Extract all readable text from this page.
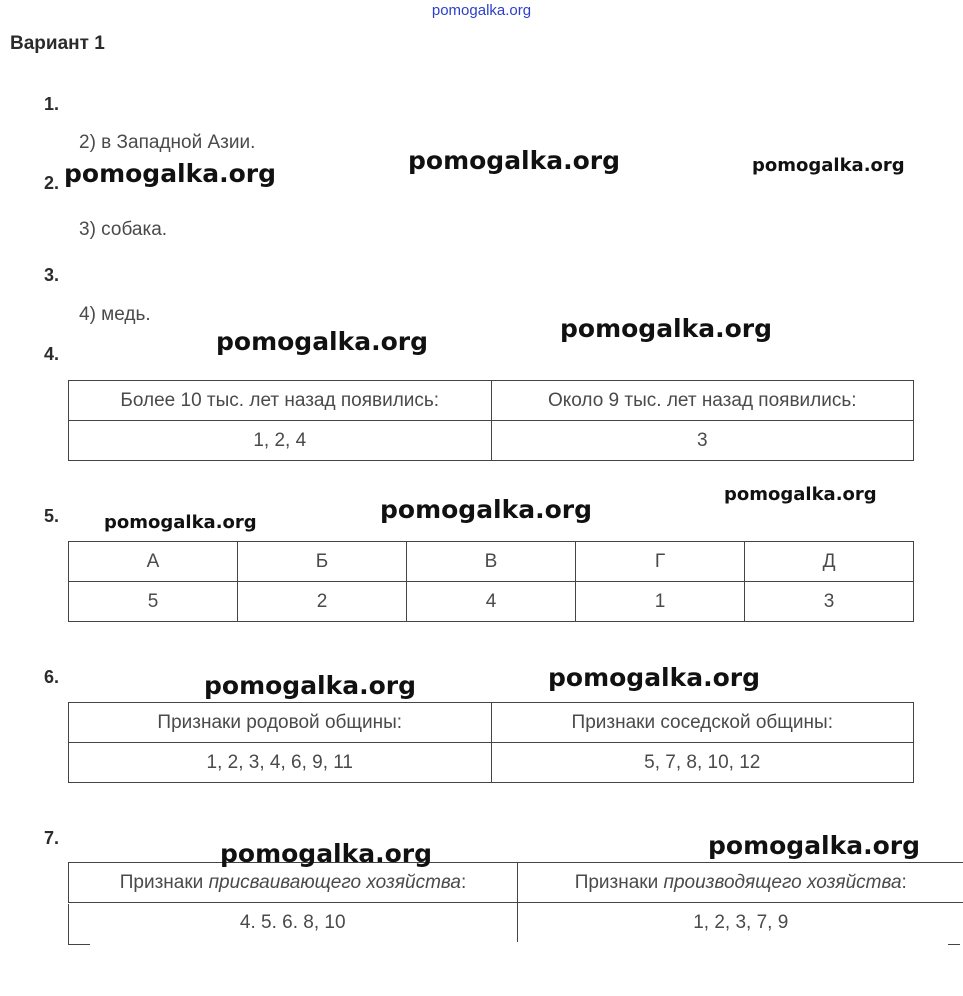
pomogalka.org
Вариант 1
1.
2) в Западной Азии.
2.
3) собака.
3.
4) медь.
4.
Более 10 тыс. лет назад появились:	Около 9 тыс. лет назад появились:
1, 2, 4	3
5.
А	Б	В	Г	Д
5	2	4	1	3
6.
Признаки родовой общины:	Признаки соседской общины:
1, 2, 3, 4, 6, 9, 11	5, 7, 8, 10, 12
7.
Признаки присваивающего хозяйства:	Признаки производящего хозяйства:
4. 5. 6. 8, 10	1, 2, 3, 7, 9
pomogalka.org	pomogalka.org
pomogalka.org
pomogalka.org
pomogalka.org
pomogalka.org
pomogalka.org
pomogalka.org
pomogalka.org
pomogalka.org
pomogalka.org
pomogalka.org
